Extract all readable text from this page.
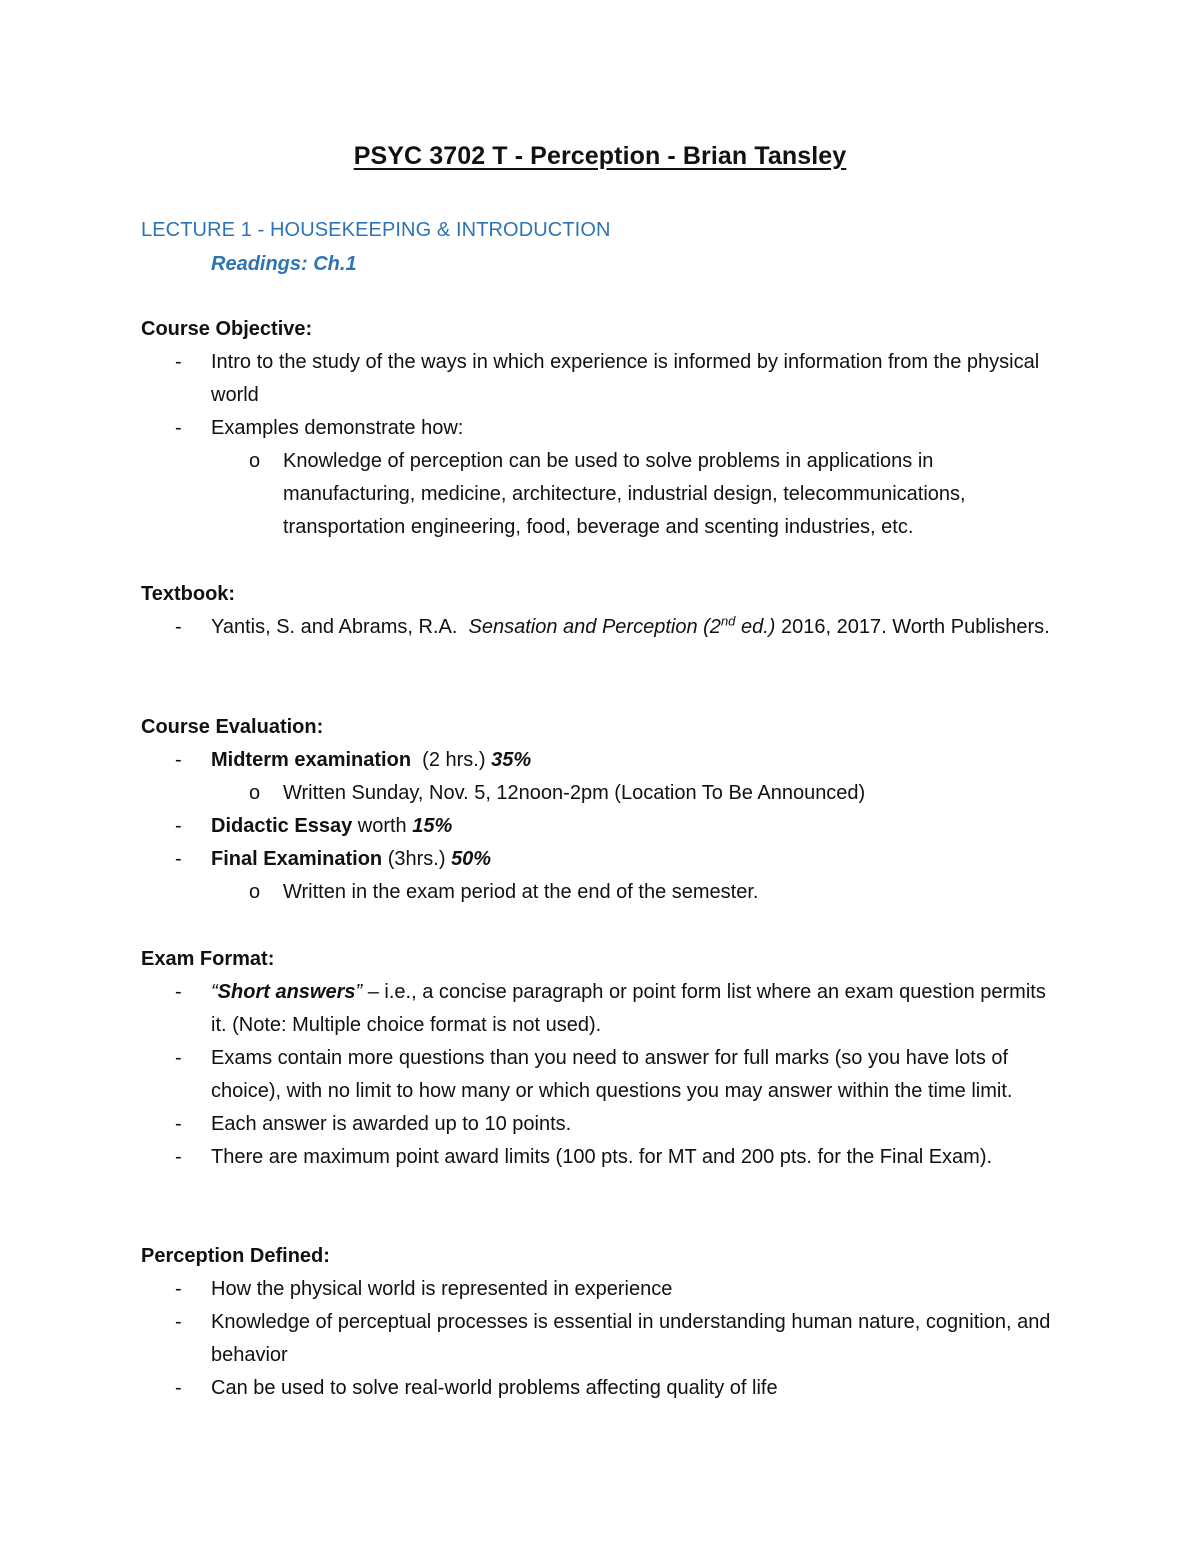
PSYC 3702 T - Perception - Brian Tansley
LECTURE 1 - HOUSEKEEPING & INTRODUCTION
Readings: Ch.1
Course Objective:
- Intro to the study of the ways in which experience is informed by information from the physical world
- Examples demonstrate how:
o Knowledge of perception can be used to solve problems in applications in manufacturing, medicine, architecture, industrial design, telecommunications, transportation engineering, food, beverage and scenting industries, etc.
Textbook:
- Yantis, S. and Abrams, R.A. Sensation and Perception (2nd ed.) 2016, 2017. Worth Publishers.
Course Evaluation:
- Midterm examination (2 hrs.) 35%
o Written Sunday, Nov. 5, 12noon-2pm (Location To Be Announced)
- Didactic Essay worth 15%
- Final Examination (3hrs.) 50%
o Written in the exam period at the end of the semester.
Exam Format:
- “Short answers” – i.e., a concise paragraph or point form list where an exam question permits it. (Note: Multiple choice format is not used).
- Exams contain more questions than you need to answer for full marks (so you have lots of choice), with no limit to how many or which questions you may answer within the time limit.
- Each answer is awarded up to 10 points.
- There are maximum point award limits (100 pts. for MT and 200 pts. for the Final Exam).
Perception Defined:
- How the physical world is represented in experience
- Knowledge of perceptual processes is essential in understanding human nature, cognition, and behavior
- Can be used to solve real-world problems affecting quality of life
